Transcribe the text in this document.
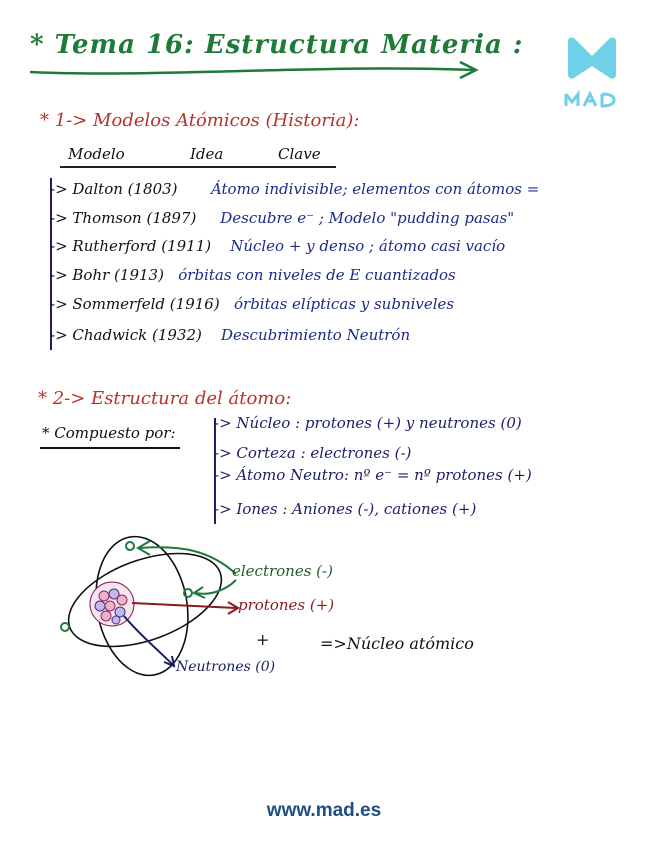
* Tema 16: Estructura Materia :
* 1-> Modelos Atómicos (Historia):
Modelo	Idea	Clave
-> Dalton (1803) Átomo indivisible; elementos con átomos =
-> Thomson (1897) Descubre e⁻ ; Modelo "pudding pasas"
-> Rutherford (1911) Núcleo + y denso ; átomo casi vacío
-> Bohr (1913) órbitas con niveles de E cuantizados
-> Sommerfeld (1916) órbitas elípticas y subniveles
-> Chadwick (1932) Descubrimiento Neutrón
* 2-> Estructura del átomo:
* Compuesto por:
-> Núcleo : protones (+) y neutrones (0)
-> Corteza : electrones (-)
-> Átomo Neutro: nº e⁻ = nº protones (+)
-> Iones : Aniones (-), cationes (+)
electrones (-)
protones (+)
+	=>Núcleo atómico
Neutrones (0)
www.mad.es
